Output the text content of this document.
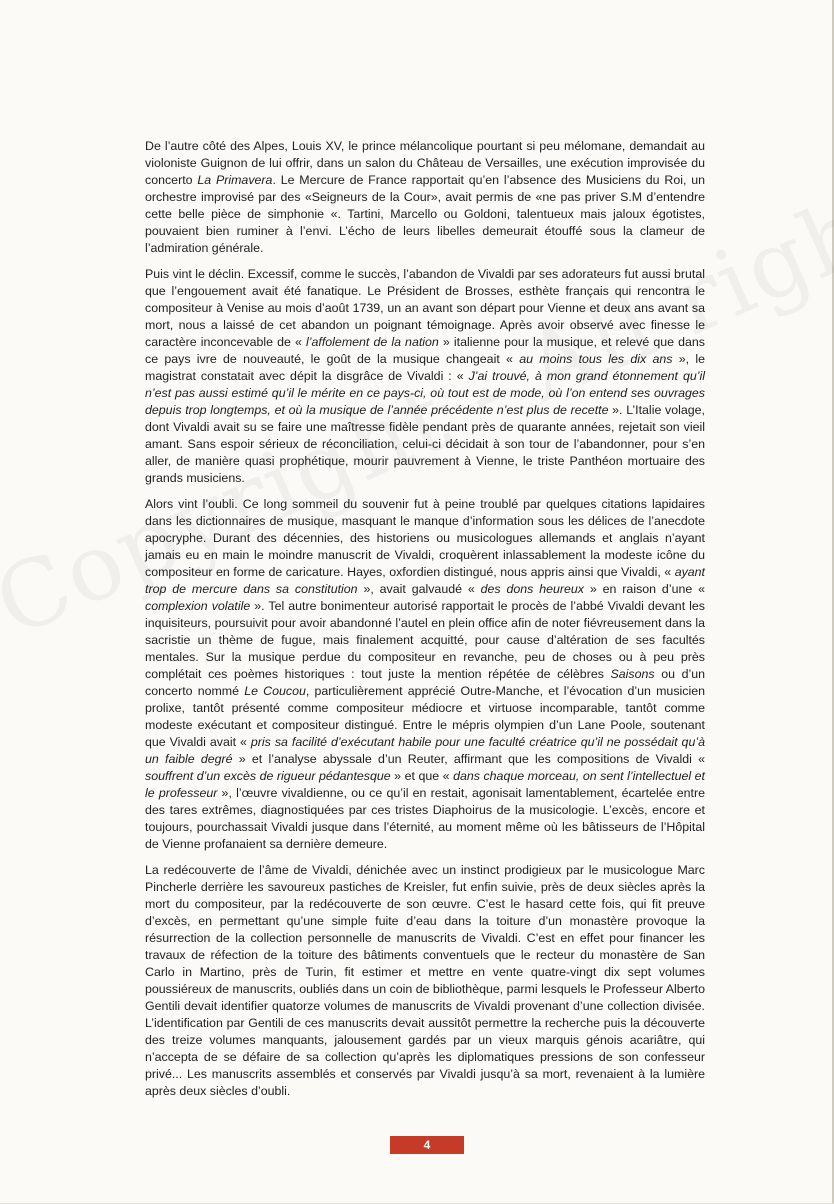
De l’autre côté des Alpes, Louis XV, le prince mélancolique pourtant si peu mélomane, demandait au violoniste Guignon de lui offrir, dans un salon du Château de Versailles, une exécution improvisée du concerto La Primavera. Le Mercure de France rapportait qu’en l’absence des Musiciens du Roi, un orchestre improvisé par des «Seigneurs de la Cour», avait permis de «ne pas priver S.M d’entendre cette belle pièce de simphonie «. Tartini, Marcello ou Goldoni, talentueux mais jaloux égotistes, pouvaient bien ruminer à l’envi. L’écho de leurs libelles demeurait étouffé sous la clameur de l’admiration générale.

Puis vint le déclin. Excessif, comme le succès, l’abandon de Vivaldi par ses adorateurs fut aussi brutal que l’engouement avait été fanatique. Le Président de Brosses, esthète français qui rencontra le compositeur à Venise au mois d’août 1739, un an avant son départ pour Vienne et deux ans avant sa mort, nous a laissé de cet abandon un poignant témoignage. Après avoir observé avec finesse le caractère inconcevable de « l’affolement de la nation » italienne pour la musique, et relevé que dans ce pays ivre de nouveauté, le goût de la musique changeait « au moins tous les dix ans », le magistrat constatait avec dépit la disgrâce de Vivaldi : « J’ai trouvé, à mon grand étonnement qu’il n’est pas aussi estimé qu’il le mérite en ce pays-ci, où tout est de mode, où l’on entend ses ouvrages depuis trop longtemps, et où la musique de l’année précédente n’est plus de recette ». L’Italie volage, dont Vivaldi avait su se faire une maîtresse fidèle pendant près de quarante années, rejetait son vieil amant. Sans espoir sérieux de réconciliation, celui-ci décidait à son tour de l’abandonner, pour s’en aller, de manière quasi prophétique, mourir pauvrement à Vienne, le triste Panthéon mortuaire des grands musiciens.

Alors vint l’oubli. Ce long sommeil du souvenir fut à peine troublé par quelques citations lapidaires dans les dictionnaires de musique, masquant le manque d’information sous les délices de l’anecdote apocryphe. Durant des décennies, des historiens ou musicologues allemands et anglais n’ayant jamais eu en main le moindre manuscrit de Vivaldi, croquèrent inlassablement la modeste icône du compositeur en forme de caricature. Hayes, oxfordien distingué, nous appris ainsi que Vivaldi, « ayant trop de mercure dans sa constitution », avait galvaudé « des dons heureux » en raison d’une « complexion volatile ». Tel autre bonimenteur autorisé rapportait le procès de l’abbé Vivaldi devant les inquisiteurs, poursuivit pour avoir abandonné l’autel en plein office afin de noter fiévreusement dans la sacristie un thème de fugue, mais finalement acquitté, pour cause d’altération de ses facultés mentales. Sur la musique perdue du compositeur en revanche, peu de choses ou à peu près complétait ces poèmes historiques : tout juste la mention répétée de célèbres Saisons ou d’un concerto nommé Le Coucou, particulièrement apprécié Outre-Manche, et l’évocation d’un musicien prolixe, tantôt présenté comme compositeur médiocre et virtuose incomparable, tantôt comme modeste exécutant et compositeur distingué. Entre le mépris olympien d’un Lane Poole, soutenant que Vivaldi avait « pris sa facilité d’exécutant habile pour une faculté créatrice qu’il ne possédait qu’à un faible degré » et l’analyse abyssale d’un Reuter, affirmant que les compositions de Vivaldi « souffrent d’un excès de rigueur pédantesque » et que « dans chaque morceau, on sent l’intellectuel et le professeur », l’œuvre vivaldienne, ou ce qu’il en restait, agonisait lamentablement, écartelée entre des tares extrêmes, diagnostiquées par ces tristes Diaphoirus de la musicologie. L’excès, encore et toujours, pourchassait Vivaldi jusque dans l’éternité, au moment même où les bâtisseurs de l’Hôpital de Vienne profanaient sa dernière demeure.

La redécouverte de l’âme de Vivaldi, dénichée avec un instinct prodigieux par le musicologue Marc Pincherle derrière les savoureux pastiches de Kreisler, fut enfin suivie, près de deux siècles après la mort du compositeur, par la redécouverte de son œuvre. C’est le hasard cette fois, qui fit preuve d’excès, en permettant qu’une simple fuite d’eau dans la toiture d’un monastère provoque la résurrection de la collection personnelle de manuscrits de Vivaldi. C’est en effet pour financer les travaux de réfection de la toiture des bâtiments conventuels que le recteur du monastère de San Carlo in Martino, près de Turin, fit estimer et mettre en vente quatre-vingt dix sept volumes poussiéreux de manuscrits, oubliés dans un coin de bibliothèque, parmi lesquels le Professeur Alberto Gentili devait identifier quatorze volumes de manuscrits de Vivaldi provenant d’une collection divisée. L’identification par Gentili de ces manuscrits devait aussitôt permettre la recherche puis la découverte des treize volumes manquants, jalousement gardés par un vieux marquis génois acariâtre, qui n’accepta de se défaire de sa collection qu’après les diplomatiques pressions de son confesseur privé... Les manuscrits assemblés et conservés par Vivaldi jusqu’à sa mort, revenaient à la lumière après deux siècles d’oubli.

4
